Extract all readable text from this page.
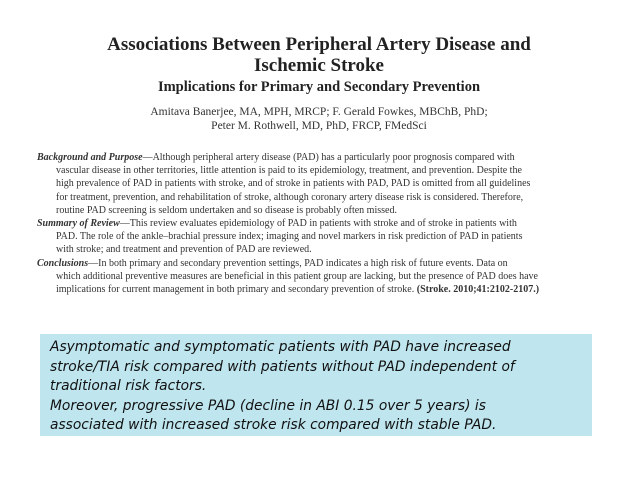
Associations Between Peripheral Artery Disease and
Ischemic Stroke
Implications for Primary and Secondary Prevention
Amitava Banerjee, MA, MPH, MRCP; F. Gerald Fowkes, MBChB, PhD;
Peter M. Rothwell, MD, PhD, FRCP, FMedSci
Background and Purpose—Although peripheral artery disease (PAD) has a particularly poor prognosis compared with
vascular disease in other territories, little attention is paid to its epidemiology, treatment, and prevention. Despite the
high prevalence of PAD in patients with stroke, and of stroke in patients with PAD, PAD is omitted from all guidelines
for treatment, prevention, and rehabilitation of stroke, although coronary artery disease risk is considered. Therefore,
routine PAD screening is seldom undertaken and so disease is probably often missed.
Summary of Review—This review evaluates epidemiology of PAD in patients with stroke and of stroke in patients with
PAD. The role of the ankle–brachial pressure index; imaging and novel markers in risk prediction of PAD in patients
with stroke; and treatment and prevention of PAD are reviewed.
Conclusions—In both primary and secondary prevention settings, PAD indicates a high risk of future events. Data on
which additional preventive measures are beneficial in this patient group are lacking, but the presence of PAD does have
implications for current management in both primary and secondary prevention of stroke. (Stroke. 2010;41:2102-2107.)
Asymptomatic and symptomatic patients with PAD have increased
stroke/TIA risk compared with patients without PAD independent of
traditional risk factors.
Moreover, progressive PAD (decline in ABI 0.15 over 5 years) is
associated with increased stroke risk compared with stable PAD.
